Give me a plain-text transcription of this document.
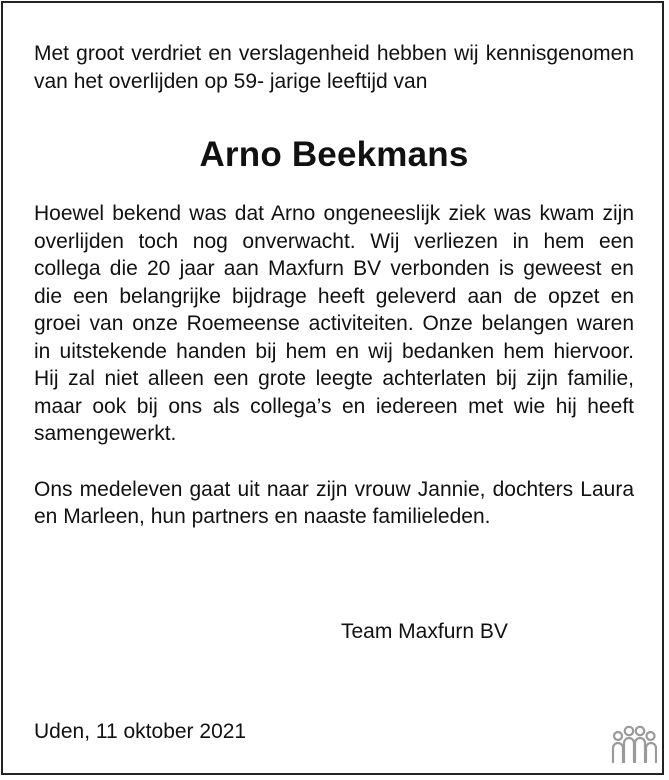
Met groot verdriet en verslagenheid hebben wij kennisgenomen van het overlijden op 59- jarige leeftijd van

Arno Beekmans

Hoewel bekend was dat Arno ongeneeslijk ziek was kwam zijn overlijden toch nog onverwacht. Wij verliezen in hem een collega die 20 jaar aan Maxfurn BV verbonden is geweest en die een belangrijke bijdrage heeft geleverd aan de opzet en groei van onze Roemeense activiteiten. Onze belangen waren in uitstekende handen bij hem en wij bedanken hem hiervoor. Hij zal niet alleen een grote leegte achterlaten bij zijn familie, maar ook bij ons als collega’s en iedereen met wie hij heeft samengewerkt.

Ons medeleven gaat uit naar zijn vrouw Jannie, dochters Laura en Marleen, hun partners en naaste familieleden.

Team Maxfurn BV

Uden, 11 oktober 2021
